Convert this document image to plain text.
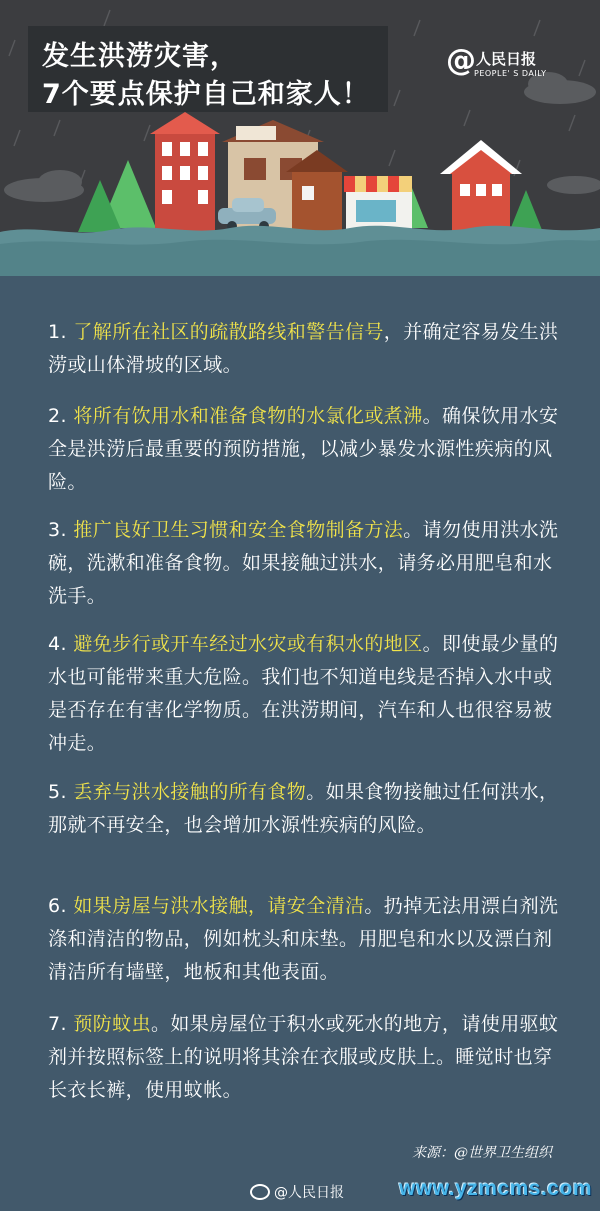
发生洪涝灾害，
7个要点保护自己和家人！
@ 人民日报
PEOPLE' S DAILY
1. 了解所在社区的疏散路线和警告信号，并确定容易发生洪涝或山体滑坡的区域。
2. 将所有饮用水和准备食物的水氯化或煮沸。确保饮用水安全是洪涝后最重要的预防措施，以减少暴发水源性疾病的风险。
3. 推广良好卫生习惯和安全食物制备方法。请勿使用洪水洗碗，洗漱和准备食物。如果接触过洪水，请务必用肥皂和水洗手。
4. 避免步行或开车经过水灾或有积水的地区。即使最少量的水也可能带来重大危险。我们也不知道电线是否掉入水中或是否存在有害化学物质。在洪涝期间，汽车和人也很容易被冲走。
5. 丢弃与洪水接触的所有食物。如果食物接触过任何洪水，那就不再安全，也会增加水源性疾病的风险。
6. 如果房屋与洪水接触，请安全清洁。扔掉无法用漂白剂洗涤和清洁的物品，例如枕头和床垫。用肥皂和水以及漂白剂清洁所有墙壁，地板和其他表面。
7. 预防蚊虫。如果房屋位于积水或死水的地方，请使用驱蚊剂并按照标签上的说明将其涂在衣服或皮肤上。睡觉时也穿长衣长裤，使用蚊帐。
来源：@世界卫生组织
@人民日报	www.yzmcms.com
